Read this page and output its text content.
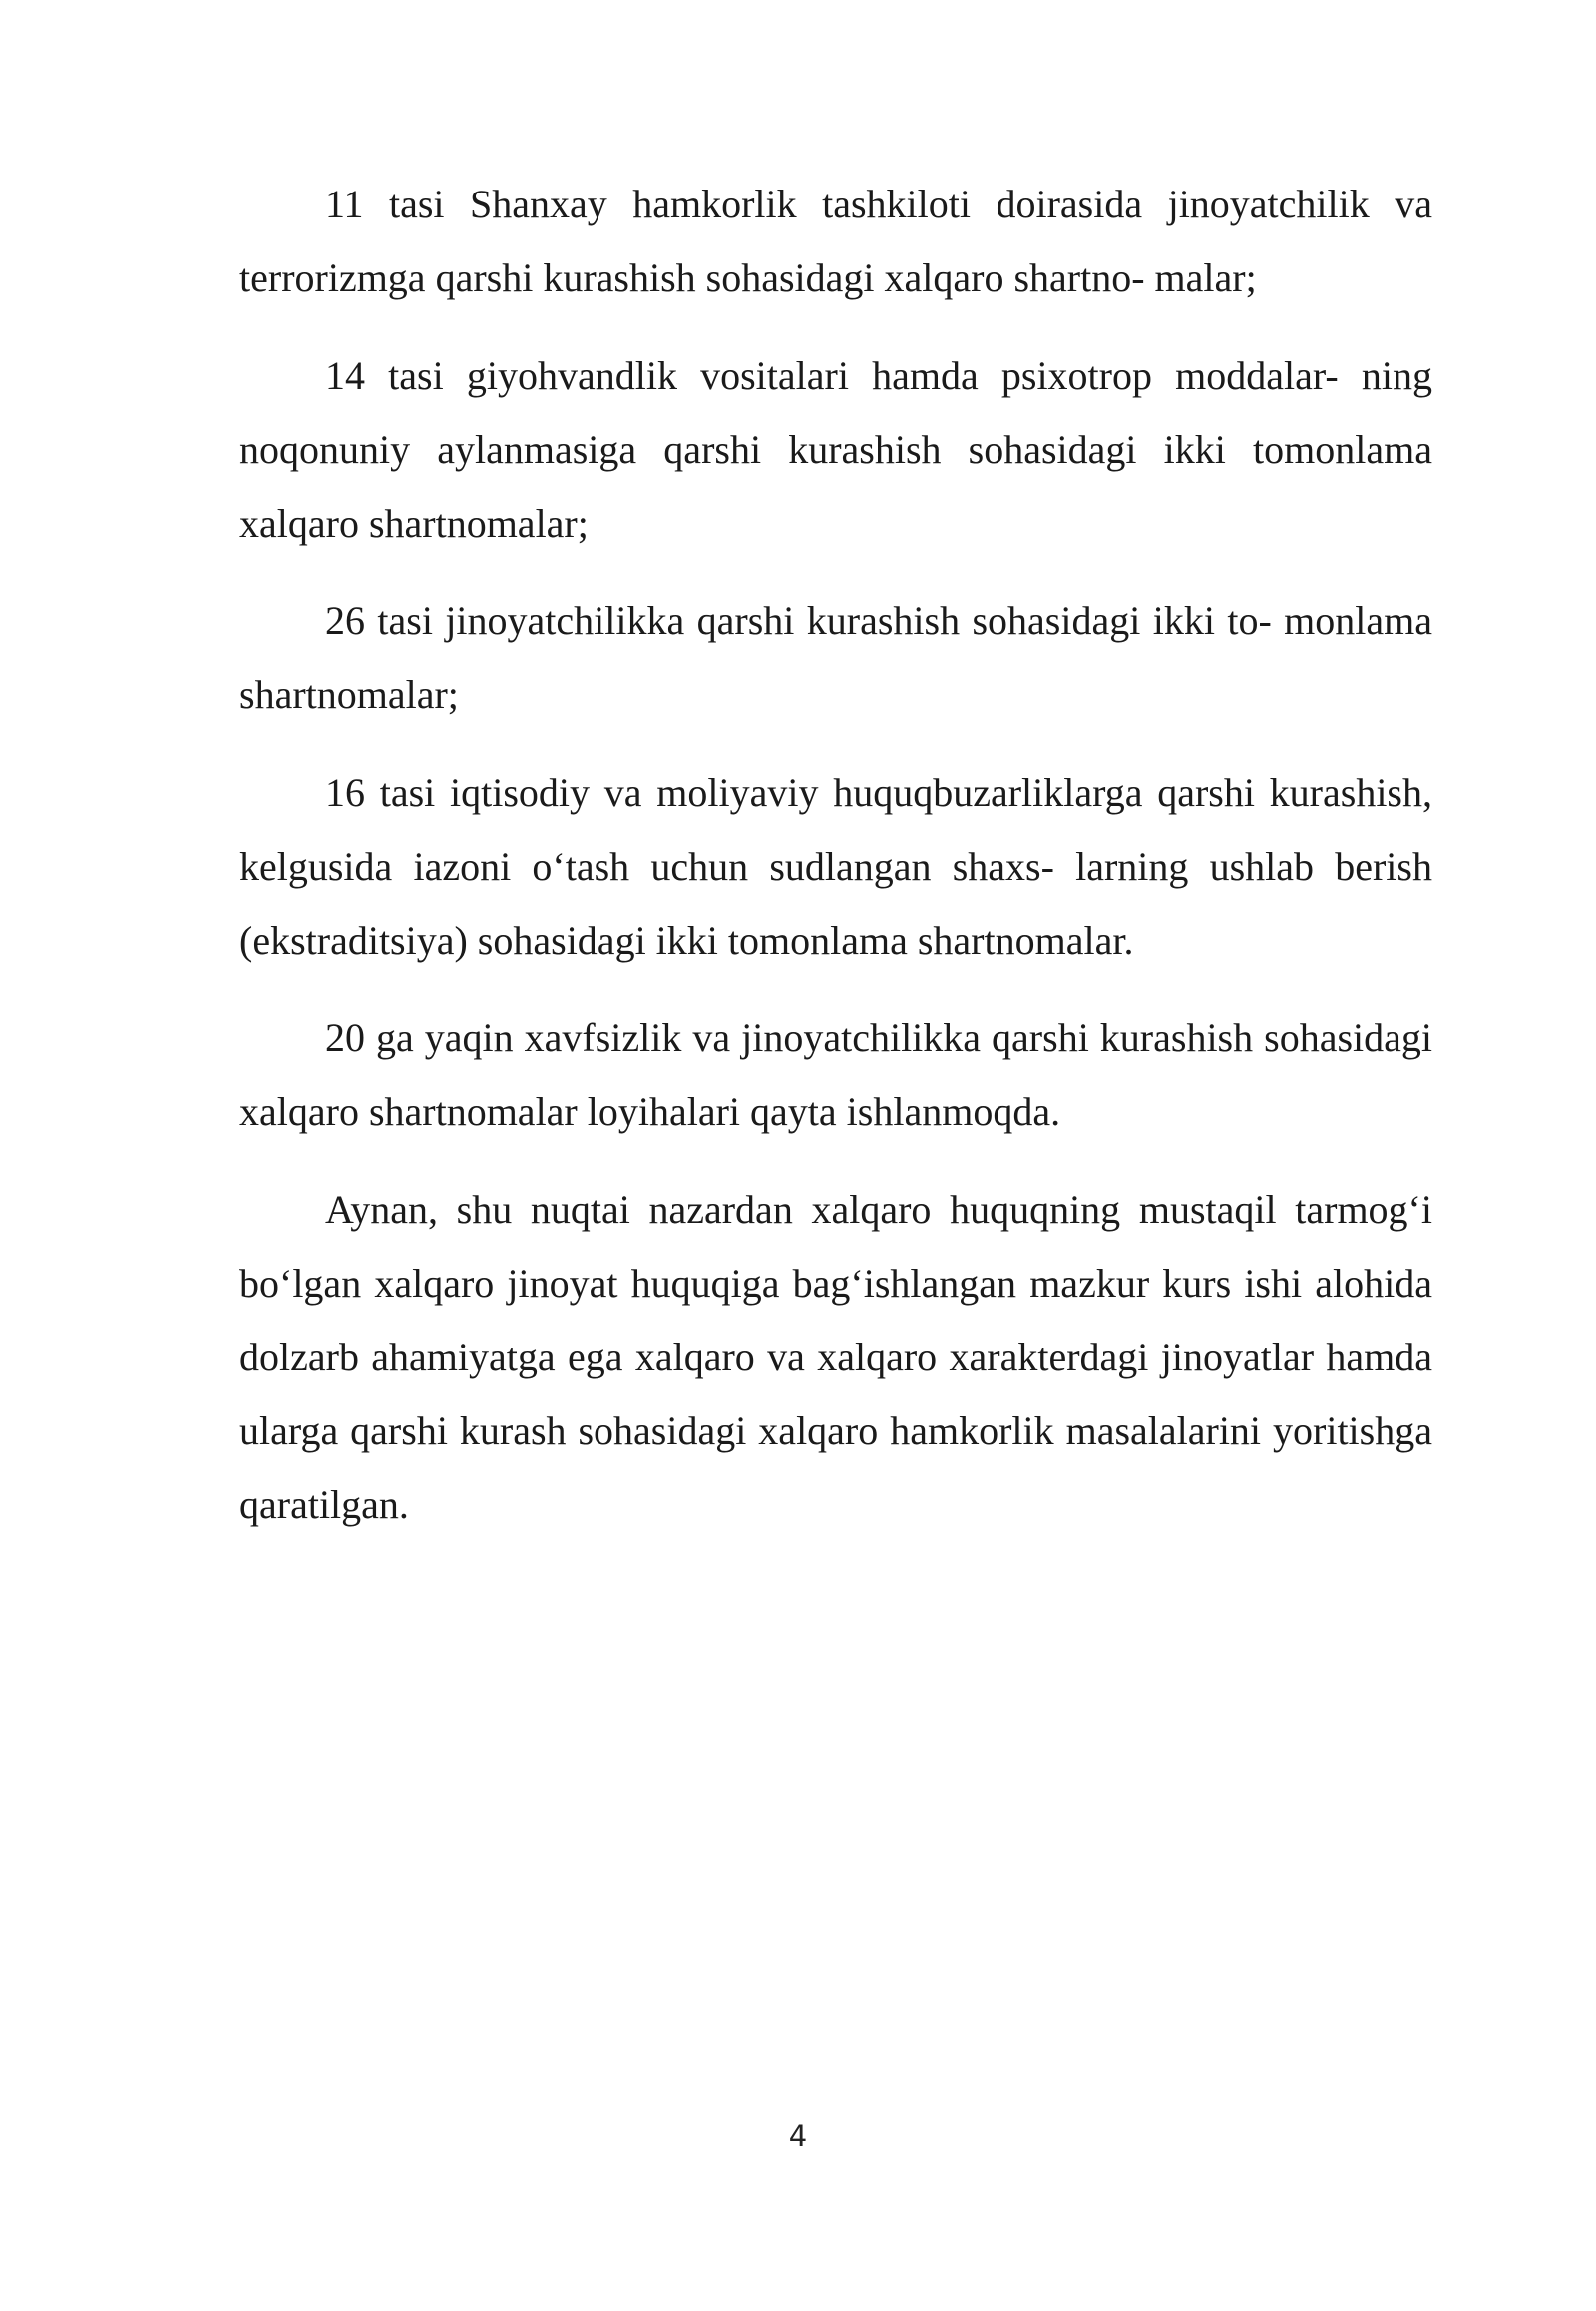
11 tasi Shanxay hamkorlik tashkiloti doirasida jinoyatchilik va terrorizmga qarshi kurashish sohasidagi xalqaro shartno- malar;

14 tasi giyohvandlik vositalari hamda psixotrop moddalar- ning noqonuniy aylanmasiga qarshi kurashish sohasidagi ikki tomonlama xalqaro shartnomalar;

26 tasi jinoyatchilikka qarshi kurashish sohasidagi ikki to- monlama shartnomalar;

16 tasi iqtisodiy va moliyaviy huquqbuzarliklarga qarshi kurashish, kelgusida iazoni o‘tash uchun sudlangan shaxs- larning ushlab berish (ekstraditsiya) sohasidagi ikki tomonlama shartnomalar.

20 ga yaqin xavfsizlik va jinoyatchilikka qarshi kurashish sohasidagi xalqaro shartnomalar loyihalari qayta ishlanmoqda.

Aynan, shu nuqtai nazardan xalqaro huquqning mustaqil tarmog‘i bo‘lgan xalqaro jinoyat huquqiga bag‘ishlangan mazkur kurs ishi alohida dolzarb ahamiyatga ega xalqaro va xalqaro xarakterdagi jinoyatlar hamda ularga qarshi kurash sohasidagi xalqaro hamkorlik masalalarini yoritishga qaratilgan.

4
